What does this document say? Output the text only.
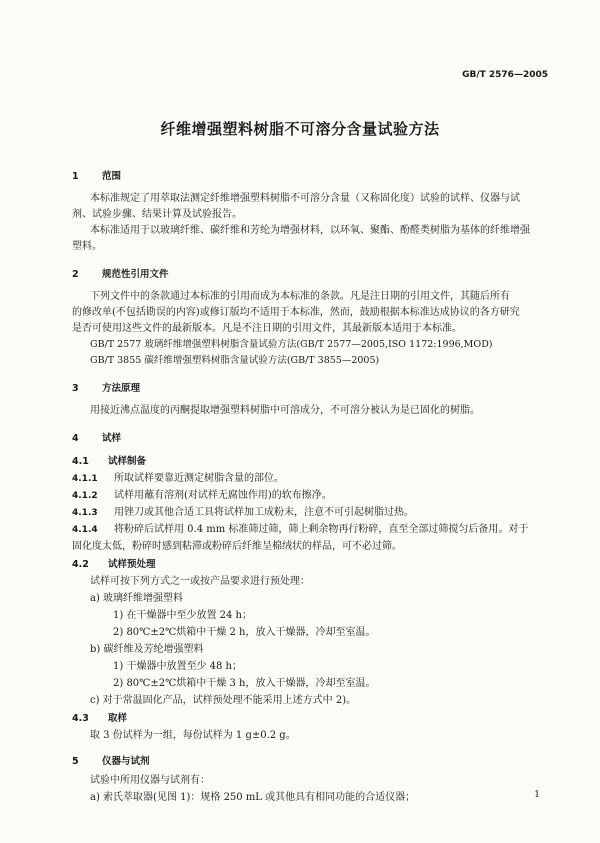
GB/T 2576—2005
纤维增强塑料树脂不可溶分含量试验方法
1 范围
本标准规定了用萃取法测定纤维增强塑料树脂不可溶分含量（又称固化度）试验的试样、仪器与试
剂、试验步骤、结果计算及试验报告。
本标准适用于以玻璃纤维、碳纤维和芳纶为增强材料，以环氧、聚酯、酚醛类树脂为基体的纤维增强
塑料。
2 规范性引用文件
下列文件中的条款通过本标准的引用而成为本标准的条款。凡是注日期的引用文件，其随后所有
的修改单(不包括勘误的内容)或修订版均不适用于本标准，然而，鼓励根据本标准达成协议的各方研究
是否可使用这些文件的最新版本。凡是不注日期的引用文件，其最新版本适用于本标准。
GB/T 2577 玻璃纤维增强塑料树脂含量试验方法(GB/T 2577—2005,ISO 1172:1996,MOD)
GB/T 3855 碳纤维增强塑料树脂含量试验方法(GB/T 3855—2005)
3 方法原理
用接近沸点温度的丙酮提取增强塑料树脂中可溶成分，不可溶分被认为是已固化的树脂。
4 试样
4.1 试样制备
4.1.1 所取试样要靠近测定树脂含量的部位。
4.1.2 试样用蘸有溶剂(对试样无腐蚀作用)的软布擦净。
4.1.3 用锉刀或其他合适工具将试样加工成粉末，注意不可引起树脂过热。
4.1.4 将粉碎后试样用 0.4 mm 标准筛过筛，筛上剩余物再行粉碎，直至全部过筛搅匀后备用。对于
固化度太低，粉碎时感到粘滞或粉碎后纤维呈棉绒状的样品，可不必过筛。
4.2 试样预处理
试样可按下列方式之一或按产品要求进行预处理：
a) 玻璃纤维增强塑料
1) 在干燥器中至少放置 24 h；
2) 80℃±2℃烘箱中干燥 2 h，放入干燥器，冷却至室温。
b) 碳纤维及芳纶增强塑料
1) 干燥器中放置至少 48 h；
2) 80℃±2℃烘箱中干燥 3 h，放入干燥器，冷却至室温。
c) 对于常温固化产品，试样预处理不能采用上述方式中 2)。
4.3 取样
取 3 份试样为一组，每份试样为 1 g±0.2 g。
5 仪器与试剂
试验中所用仪器与试剂有：
a) 索氏萃取器(见图 1)：规格 250 mL 或其他具有相同功能的合适仪器；	1
